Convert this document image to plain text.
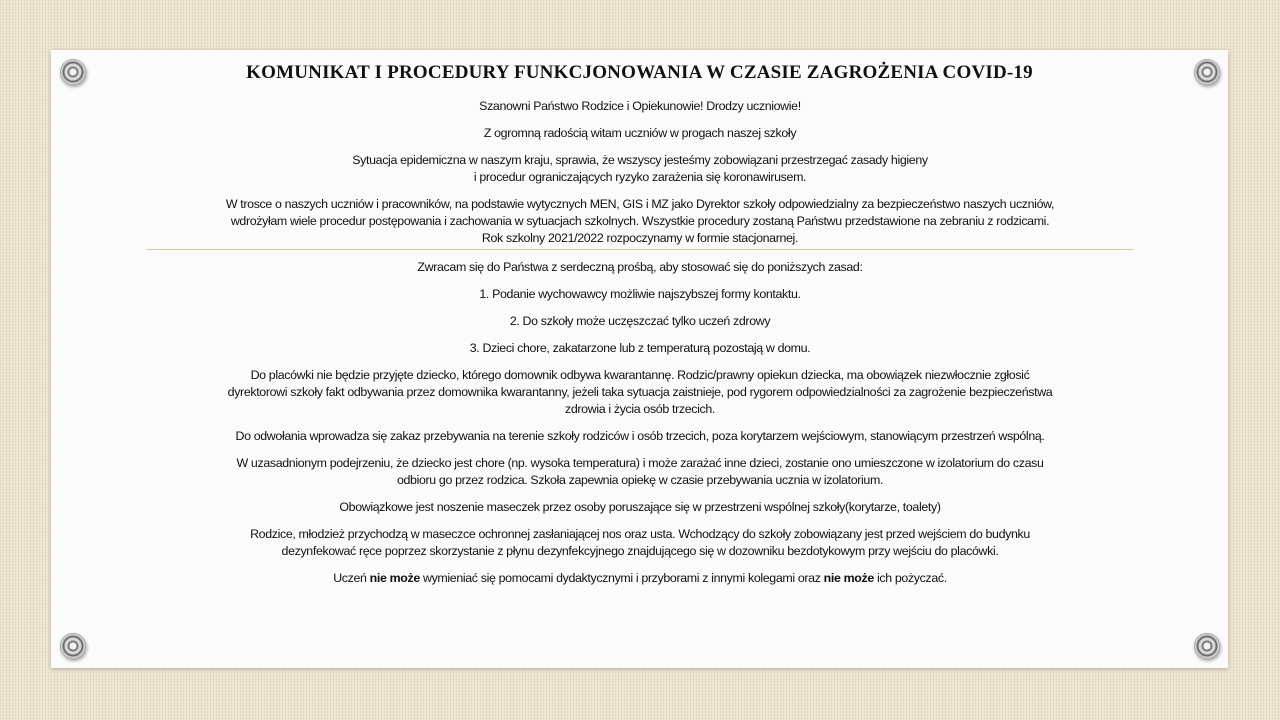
KOMUNIKAT I PROCEDURY FUNKCJONOWANIA W CZASIE ZAGROŻENIA COVID-19

Szanowni Państwo Rodzice i Opiekunowie! Drodzy uczniowie!

Z ogromną radością witam uczniów w progach naszej szkoły

Sytuacja epidemiczna w naszym kraju, sprawia, że wszyscy jesteśmy zobowiązani przestrzegać zasady higieny
i procedur ograniczających ryzyko zarażenia się koronawirusem.

W trosce o naszych uczniów i pracowników, na podstawie wytycznych MEN, GIS i MZ jako Dyrektor szkoły odpowiedzialny za bezpieczeństwo naszych uczniów,
wdrożyłam wiele procedur postępowania i zachowania w sytuacjach szkolnych. Wszystkie procedury zostaną Państwu przedstawione na zebraniu z rodzicami.
Rok szkolny 2021/2022 rozpoczynamy w formie stacjonarnej.

Zwracam się do Państwa z serdeczną prośbą, aby stosować się do poniższych zasad:

1. Podanie wychowawcy możliwie najszybszej formy kontaktu.

2. Do szkoły może uczęszczać tylko uczeń zdrowy

3. Dzieci chore, zakatarzone lub z temperaturą pozostają w domu.

Do placówki nie będzie przyjęte dziecko, którego domownik odbywa kwarantannę. Rodzic/prawny opiekun dziecka, ma obowiązek niezwłocznie zgłosić
dyrektorowi szkoły fakt odbywania przez domownika kwarantanny, jeżeli taka sytuacja zaistnieje, pod rygorem odpowiedzialności za zagrożenie bezpieczeństwa
zdrowia i życia osób trzecich.

Do odwołania wprowadza się zakaz przebywania na terenie szkoły rodziców i osób trzecich, poza korytarzem wejściowym, stanowiącym przestrzeń wspólną.

W uzasadnionym podejrzeniu, że dziecko jest chore (np. wysoka temperatura) i może zarażać inne dzieci, zostanie ono umieszczone w izolatorium do czasu
odbioru go przez rodzica. Szkoła zapewnia opiekę w czasie przebywania ucznia w izolatorium.

Obowiązkowe jest noszenie maseczek przez osoby poruszające się w przestrzeni wspólnej szkoły(korytarze, toalety)

Rodzice, młodzież przychodzą w maseczce ochronnej zasłaniającej nos oraz usta. Wchodzący do szkoły zobowiązany jest przed wejściem do budynku
dezynfekować ręce poprzez skorzystanie z płynu dezynfekcyjnego znajdującego się w dozowniku bezdotykowym przy wejściu do placówki.

Uczeń nie może wymieniać się pomocami dydaktycznymi i przyborami z innymi kolegami oraz nie może ich pożyczać.
